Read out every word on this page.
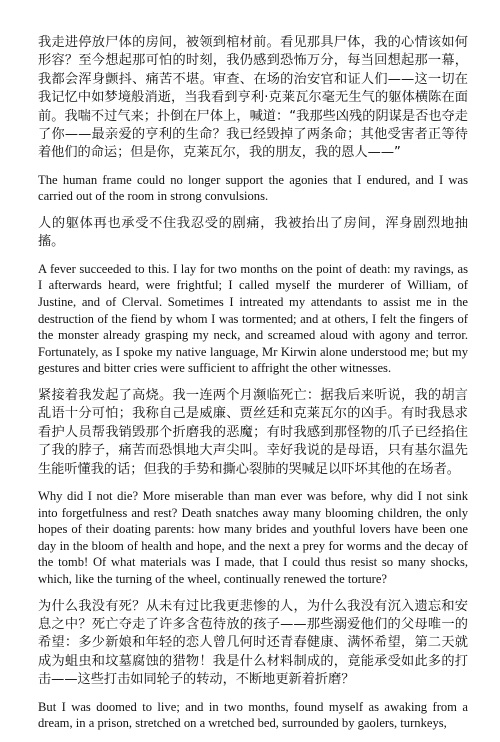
我走进停放尸体的房间，被领到棺材前。看见那具尸体，我的心情该如何形容？至今想起那可怕的时刻，我仍感到恐怖万分，每当回想起那一幕，我都会浑身颤抖、痛苦不堪。审查、在场的治安官和证人们——这一切在我记忆中如梦境般消逝，当我看到亨利·克莱瓦尔毫无生气的躯体横陈在面前。我喘不过气来；扑倒在尸体上，喊道：“我那些凶残的阴谋是否也夺走了你——最亲爱的亨利的生命？我已经毁掉了两条命；其他受害者正等待着他们的命运；但是你，克莱瓦尔，我的朋友，我的恩人——”

The human frame could no longer support the agonies that I endured, and I was carried out of the room in strong convulsions.

人的躯体再也承受不住我忍受的剧痛，我被抬出了房间，浑身剧烈地抽搐。

A fever succeeded to this. I lay for two months on the point of death: my ravings, as I afterwards heard, were frightful; I called myself the murderer of William, of Justine, and of Clerval. Sometimes I intreated my attendants to assist me in the destruction of the fiend by whom I was tormented; and at others, I felt the fingers of the monster already grasping my neck, and screamed aloud with agony and terror. Fortunately, as I spoke my native language, Mr Kirwin alone understood me; but my gestures and bitter cries were sufficient to affright the other witnesses.

紧接着我发起了高烧。我一连两个月濒临死亡：据我后来听说，我的胡言乱语十分可怕；我称自己是威廉、贾丝廷和克莱瓦尔的凶手。有时我恳求看护人员帮我销毁那个折磨我的恶魔；有时我感到那怪物的爪子已经掐住了我的脖子，痛苦而恐惧地大声尖叫。幸好我说的是母语，只有基尔温先生能听懂我的话；但我的手势和撕心裂肺的哭喊足以吓坏其他的在场者。

Why did I not die? More miserable than man ever was before, why did I not sink into forgetfulness and rest? Death snatches away many blooming children, the only hopes of their doating parents: how many brides and youthful lovers have been one day in the bloom of health and hope, and the next a prey for worms and the decay of the tomb! Of what materials was I made, that I could thus resist so many shocks, which, like the turning of the wheel, continually renewed the torture?

为什么我没有死？从未有过比我更悲惨的人，为什么我没有沉入遗忘和安息之中？死亡夺走了许多含苞待放的孩子——那些溺爱他们的父母唯一的希望：多少新娘和年轻的恋人曾几何时还青春健康、满怀希望，第二天就成为蛆虫和坟墓腐蚀的猎物！我是什么材料制成的，竟能承受如此多的打击——这些打击如同轮子的转动，不断地更新着折磨？

But I was doomed to live; and in two months, found myself as awaking from a dream, in a prison, stretched on a wretched bed, surrounded by gaolers, turnkeys,
